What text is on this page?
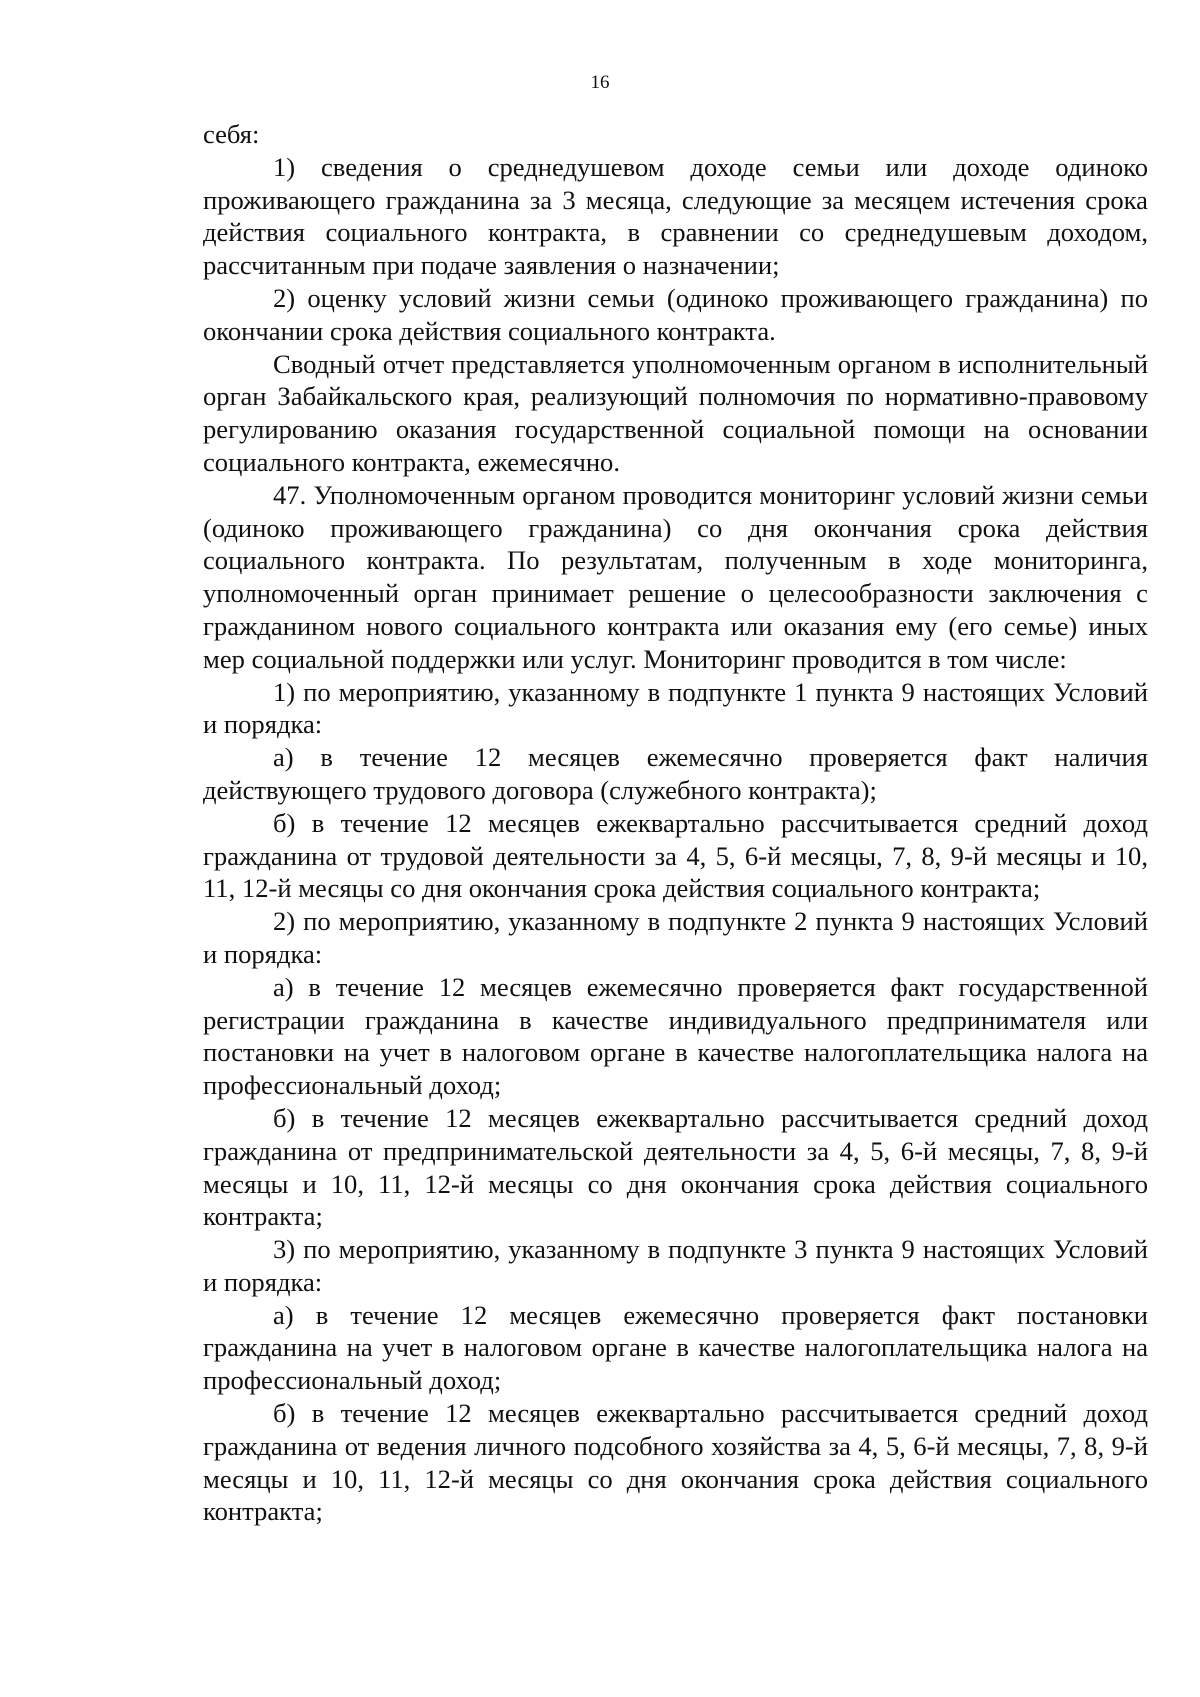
16

себя:

1) сведения о среднедушевом доходе семьи или доходе одиноко проживающего гражданина за 3 месяца, следующие за месяцем истечения срока действия социального контракта, в сравнении со среднедушевым доходом, рассчитанным при подаче заявления о назначении;

2) оценку условий жизни семьи (одиноко проживающего гражданина) по окончании срока действия социального контракта.

Сводный отчет представляется уполномоченным органом в исполнительный орган Забайкальского края, реализующий полномочия по нормативно-правовому регулированию оказания государственной социальной помощи на основании социального контракта, ежемесячно.

47. Уполномоченным органом проводится мониторинг условий жизни семьи (одиноко проживающего гражданина) со дня окончания срока действия социального контракта. По результатам, полученным в ходе мониторинга, уполномоченный орган принимает решение о целесообразности заключения с гражданином нового социального контракта или оказания ему (его семье) иных мер социальной поддержки или услуг. Мониторинг проводится в том числе:

1) по мероприятию, указанному в подпункте 1 пункта 9 настоящих Условий и порядка:

а) в течение 12 месяцев ежемесячно проверяется факт наличия действующего трудового договора (служебного контракта);

б) в течение 12 месяцев ежеквартально рассчитывается средний доход гражданина от трудовой деятельности за 4, 5, 6-й месяцы, 7, 8, 9-й месяцы и 10, 11, 12-й месяцы со дня окончания срока действия социального контракта;

2) по мероприятию, указанному в подпункте 2 пункта 9 настоящих Условий и порядка:

а) в течение 12 месяцев ежемесячно проверяется факт государственной регистрации гражданина в качестве индивидуального предпринимателя или постановки на учет в налоговом органе в качестве налогоплательщика налога на профессиональный доход;

б) в течение 12 месяцев ежеквартально рассчитывается средний доход гражданина от предпринимательской деятельности за 4, 5, 6-й месяцы, 7, 8, 9-й месяцы и 10, 11, 12-й месяцы со дня окончания срока действия социального контракта;

3) по мероприятию, указанному в подпункте 3 пункта 9 настоящих Условий и порядка:

а) в течение 12 месяцев ежемесячно проверяется факт постановки гражданина на учет в налоговом органе в качестве налогоплательщика налога на профессиональный доход;

б) в течение 12 месяцев ежеквартально рассчитывается средний доход гражданина от ведения личного подсобного хозяйства за 4, 5, 6-й месяцы, 7, 8, 9-й месяцы и 10, 11, 12-й месяцы со дня окончания срока действия социального контракта;
